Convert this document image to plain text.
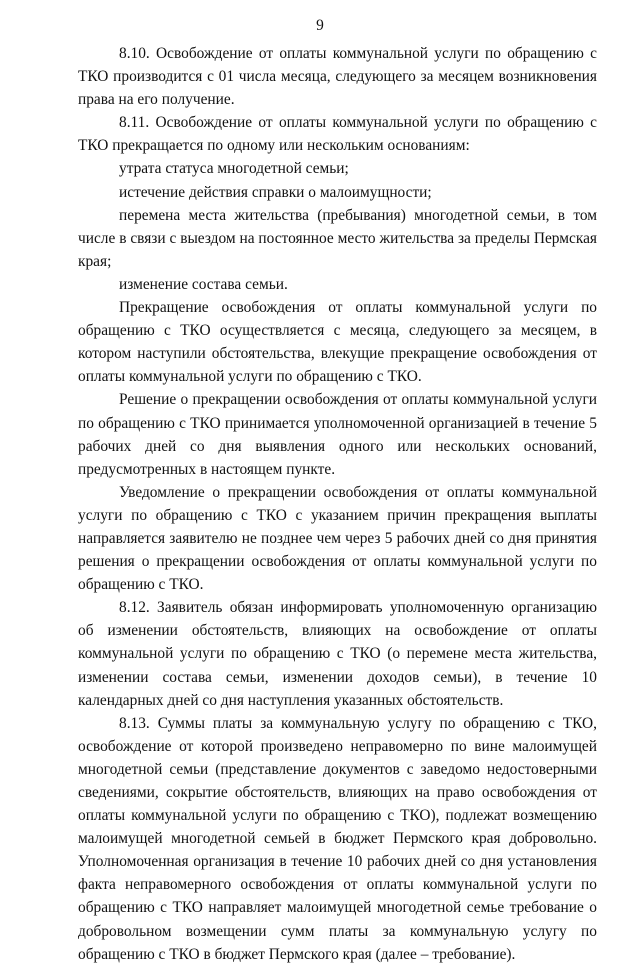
9

8.10. Освобождение от оплаты коммунальной услуги по обращению с ТКО производится с 01 числа месяца, следующего за месяцем возникновения права на его получение.

8.11. Освобождение от оплаты коммунальной услуги по обращению с ТКО прекращается по одному или нескольким основаниям:

утрата статуса многодетной семьи;

истечение действия справки о малоимущности;

перемена места жительства (пребывания) многодетной семьи, в том числе в связи с выездом на постоянное место жительства за пределы Пермская края;

изменение состава семьи.

Прекращение освобождения от оплаты коммунальной услуги по обращению с ТКО осуществляется с месяца, следующего за месяцем, в котором наступили обстоятельства, влекущие прекращение освобождения от оплаты коммунальной услуги по обращению с ТКО.

Решение о прекращении освобождения от оплаты коммунальной услуги по обращению с ТКО принимается уполномоченной организацией в течение 5 рабочих дней со дня выявления одного или нескольких оснований, предусмотренных в настоящем пункте.

Уведомление о прекращении освобождения от оплаты коммунальной услуги по обращению с ТКО с указанием причин прекращения выплаты направляется заявителю не позднее чем через 5 рабочих дней со дня принятия решения о прекращении освобождения от оплаты коммунальной услуги по обращению с ТКО.

8.12. Заявитель обязан информировать уполномоченную организацию об изменении обстоятельств, влияющих на освобождение от оплаты коммунальной услуги по обращению с ТКО (о перемене места жительства, изменении состава семьи, изменении доходов семьи), в течение 10 календарных дней со дня наступления указанных обстоятельств.

8.13. Суммы платы за коммунальную услугу по обращению с ТКО, освобождение от которой произведено неправомерно по вине малоимущей многодетной семьи (представление документов с заведомо недостоверными сведениями, сокрытие обстоятельств, влияющих на право освобождения от оплаты коммунальной услуги по обращению с ТКО), подлежат возмещению малоимущей многодетной семьей в бюджет Пермского края добровольно. Уполномоченная организация в течение 10 рабочих дней со дня установления факта неправомерного освобождения от оплаты коммунальной услуги по обращению с ТКО направляет малоимущей многодетной семье требование о добровольном возмещении сумм платы за коммунальную услугу по обращению с ТКО в бюджет Пермского края (далее – требование).
